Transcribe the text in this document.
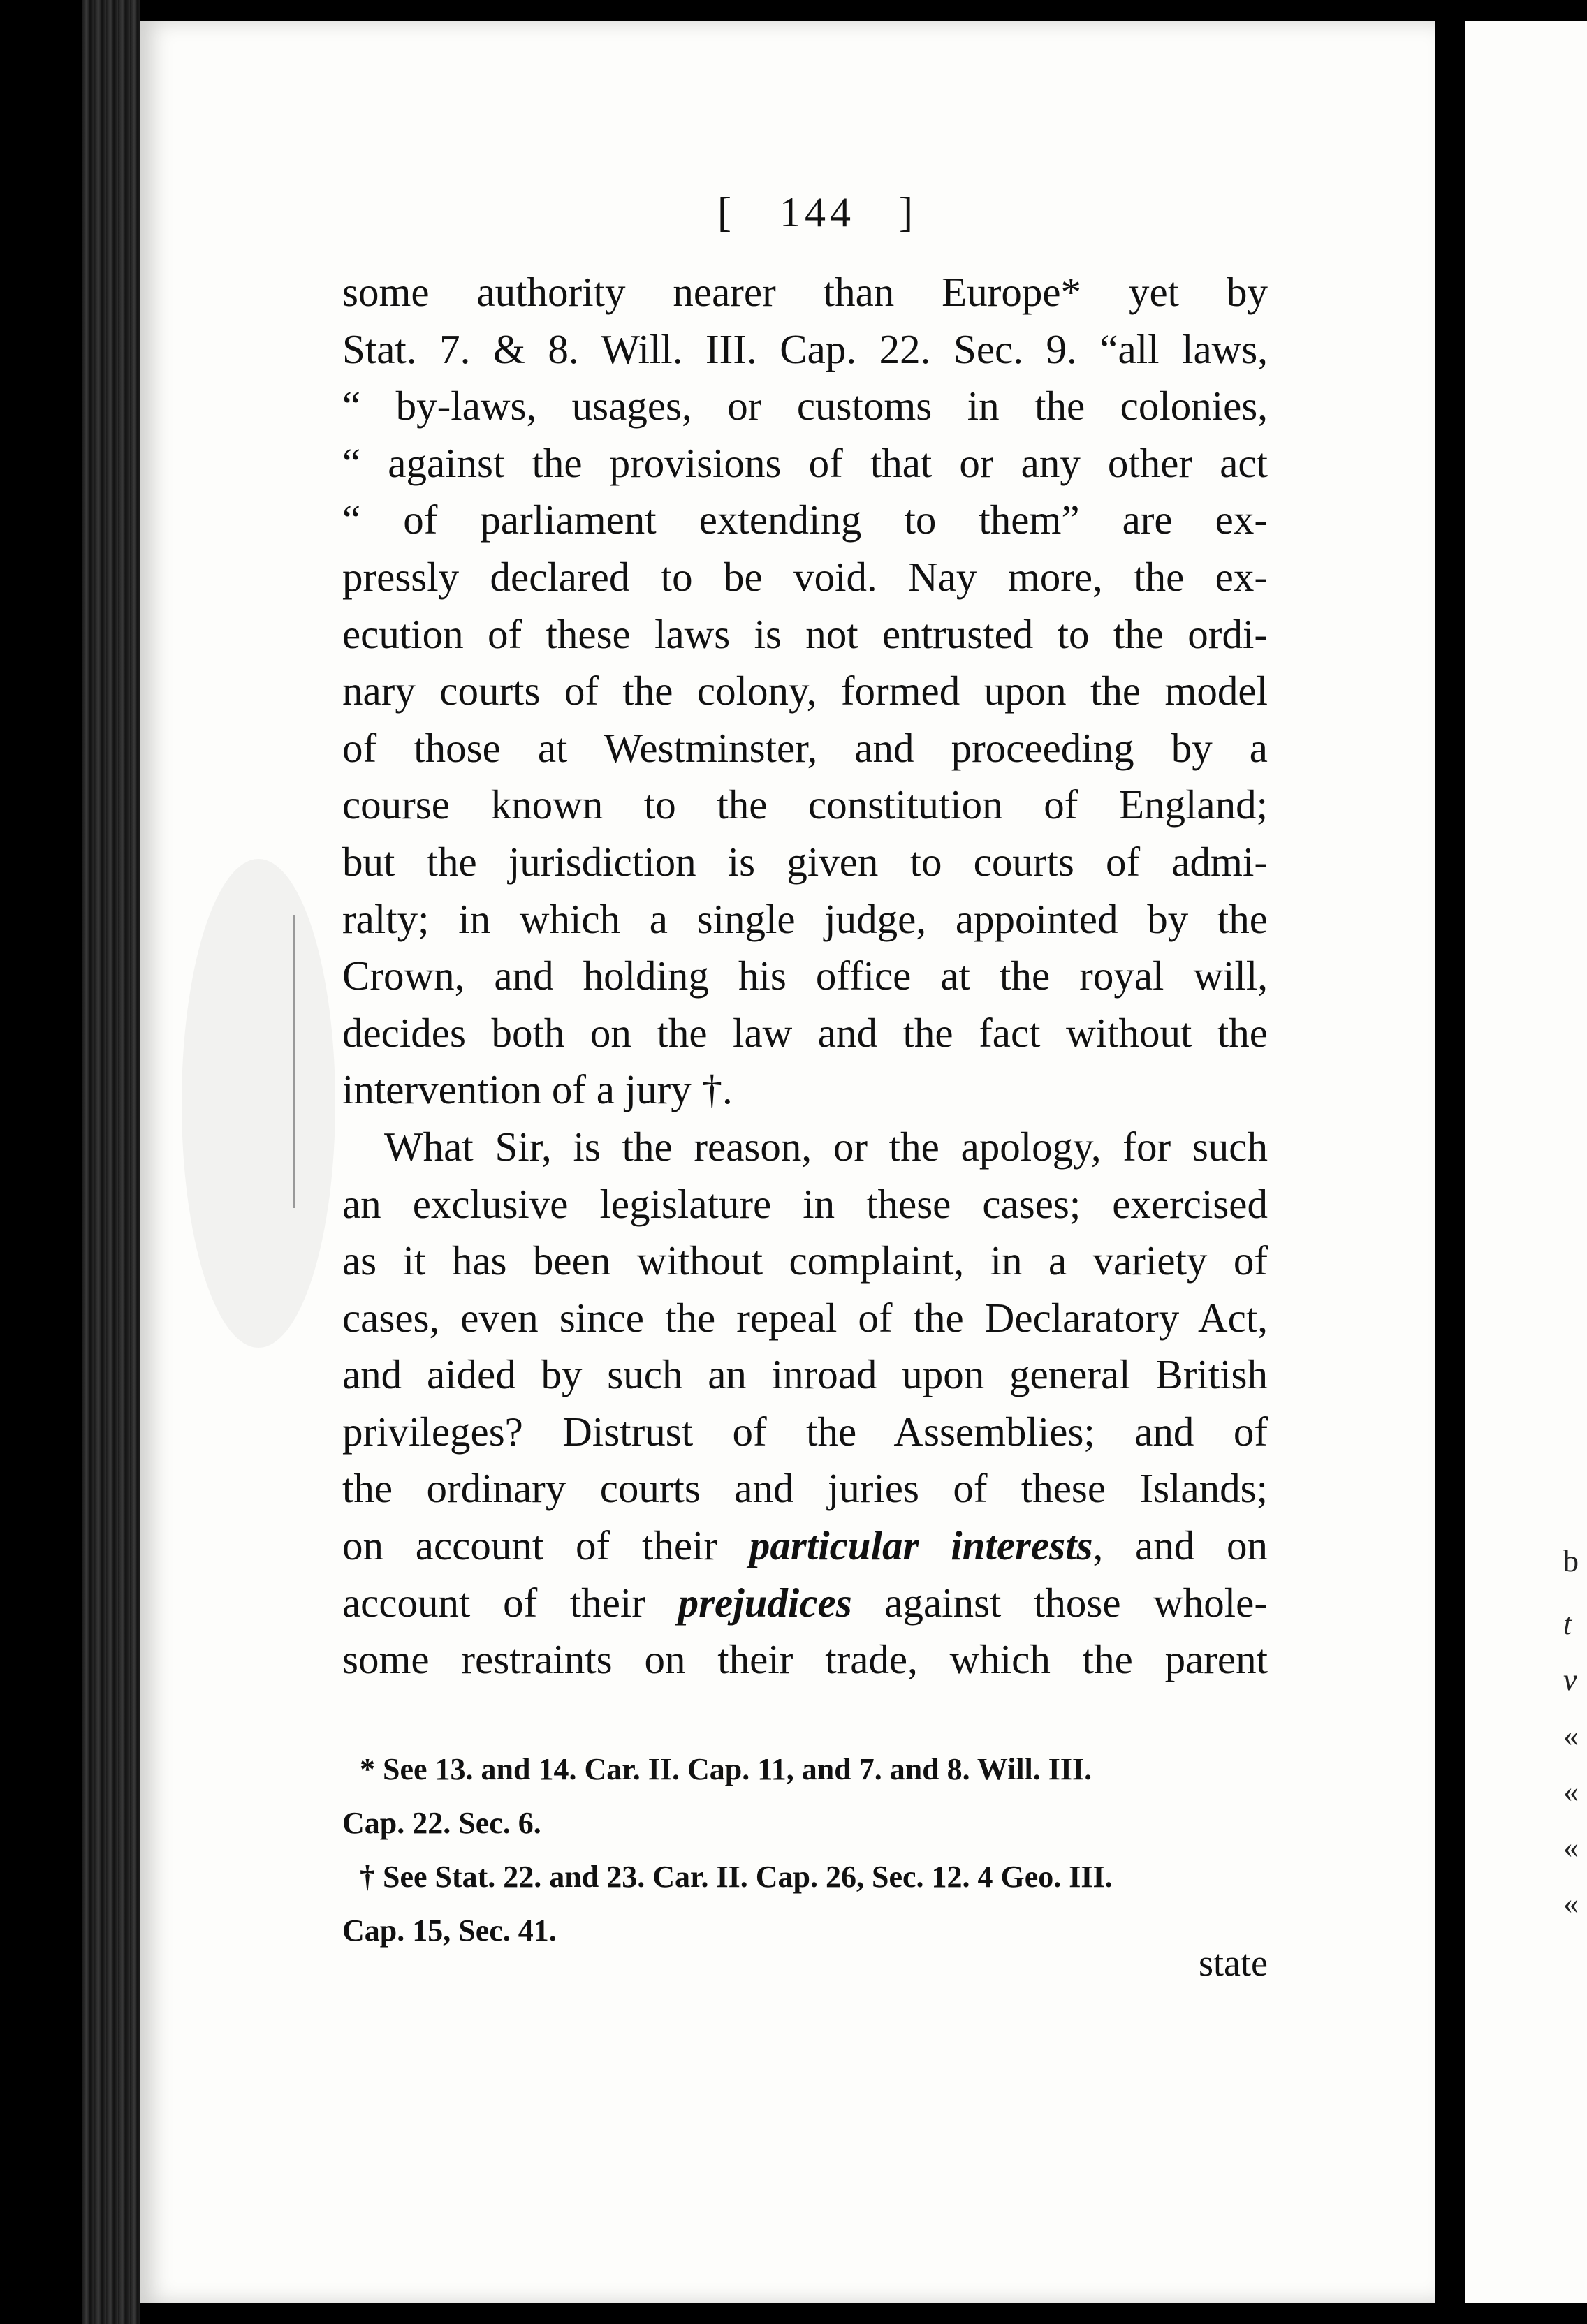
b
t
v
«
«
«
«
[ 144 ]
some authority nearer than Europe* yet by
Stat. 7. & 8. Will. III. Cap. 22. Sec. 9. “all laws,
“ by-laws, usages, or customs in the colonies,
“ against the provisions of that or any other act
“ of parliament extending to them” are ex-
pressly declared to be void. Nay more, the ex-
ecution of these laws is not entrusted to the ordi-
nary courts of the colony, formed upon the model
of those at Westminster, and proceeding by a
course known to the constitution of England;
but the jurisdiction is given to courts of admi-
ralty; in which a single judge, appointed by the
Crown, and holding his office at the royal will,
decides both on the law and the fact without the
intervention of a jury †.
What Sir, is the reason, or the apology, for such
an exclusive legislature in these cases; exercised
as it has been without complaint, in a variety of
cases, even since the repeal of the Declaratory Act,
and aided by such an inroad upon general British
privileges? Distrust of the Assemblies; and of
the ordinary courts and juries of these Islands;
on account of their particular interests, and on
account of their prejudices against those whole-
some restraints on their trade, which the parent
* See 13. and 14. Car. II. Cap. 11, and 7. and 8. Will. III.
Cap. 22. Sec. 6.
† See Stat. 22. and 23. Car. II. Cap. 26, Sec. 12. 4 Geo. III.
Cap. 15, Sec. 41.
state
